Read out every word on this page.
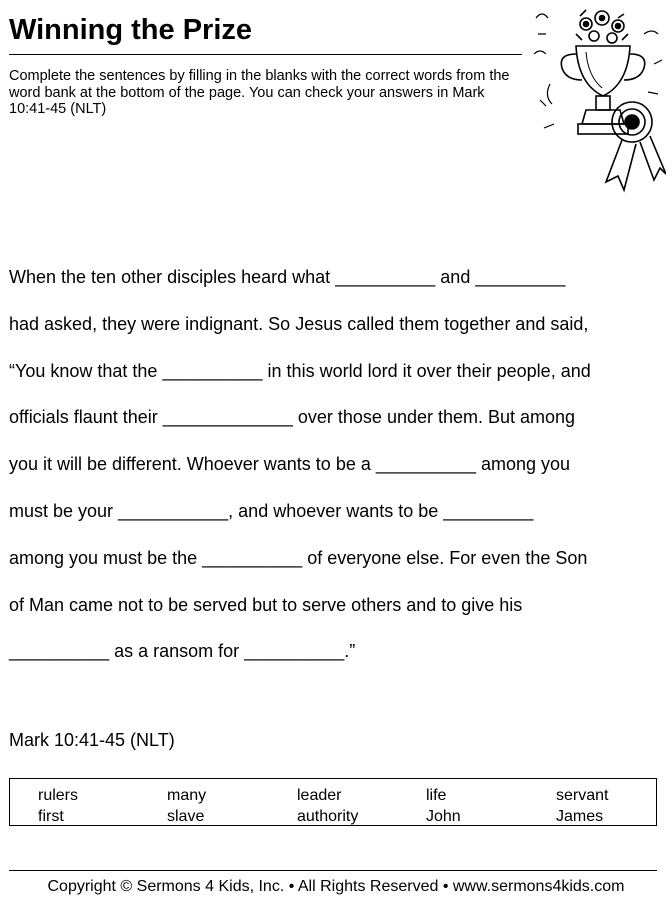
Winning the Prize
Complete the sentences by filling in the blanks with the correct words from the word bank at the bottom of the page. You can check your answers in Mark 10:41-45 (NLT)
When the ten other disciples heard what __________ and _________
had asked, they were indignant. So Jesus called them together and said,
“You know that the __________ in this world lord it over their people, and
officials flaunt their _____________ over those under them. But among
you it will be different. Whoever wants to be a __________ among you
must be your ___________, and whoever wants to be _________
among you must be the __________ of everyone else. For even the Son
of Man came not to be served but to serve others and to give his
__________ as a ransom for __________.”
Mark 10:41-45 (NLT)
rulers	many	leader	life	servant
first	slave	authority	John	James
Copyright © Sermons 4 Kids, Inc. • All Rights Reserved • www.sermons4kids.com
